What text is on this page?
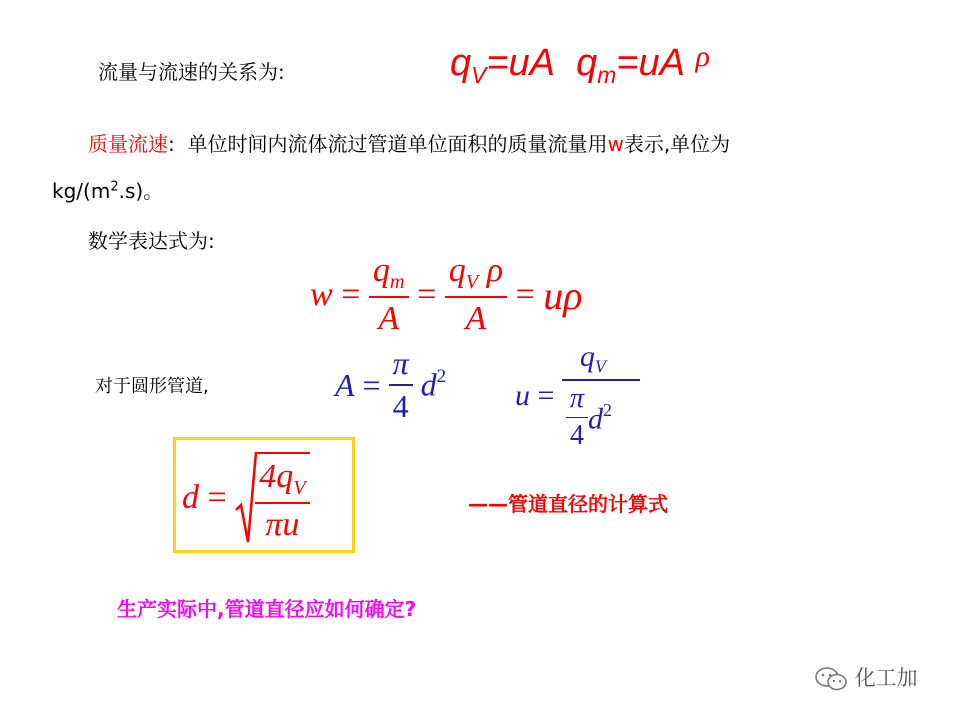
流量与流速的关系为:	$q_V=uA$ $q_m=uA$ $^\rho$
质量流速: 单位时间内流体流过管道单位面积的质量流量用w表示,单位为
$kg/(m^2.s)$。
数学表达式为:
$w = \frac{q_m}{A} = \frac{q_V \rho}{A} = u\rho$
对于圆形管道,	$A = \frac{\pi}{4} d^2$
$u = \frac{q_V}{\frac{\pi}{4} d^2}$
$d = \frac{4q_V}{\pi u}$	——管道直径的计算式
生产实际中,管道直径应如何确定?
化工加
